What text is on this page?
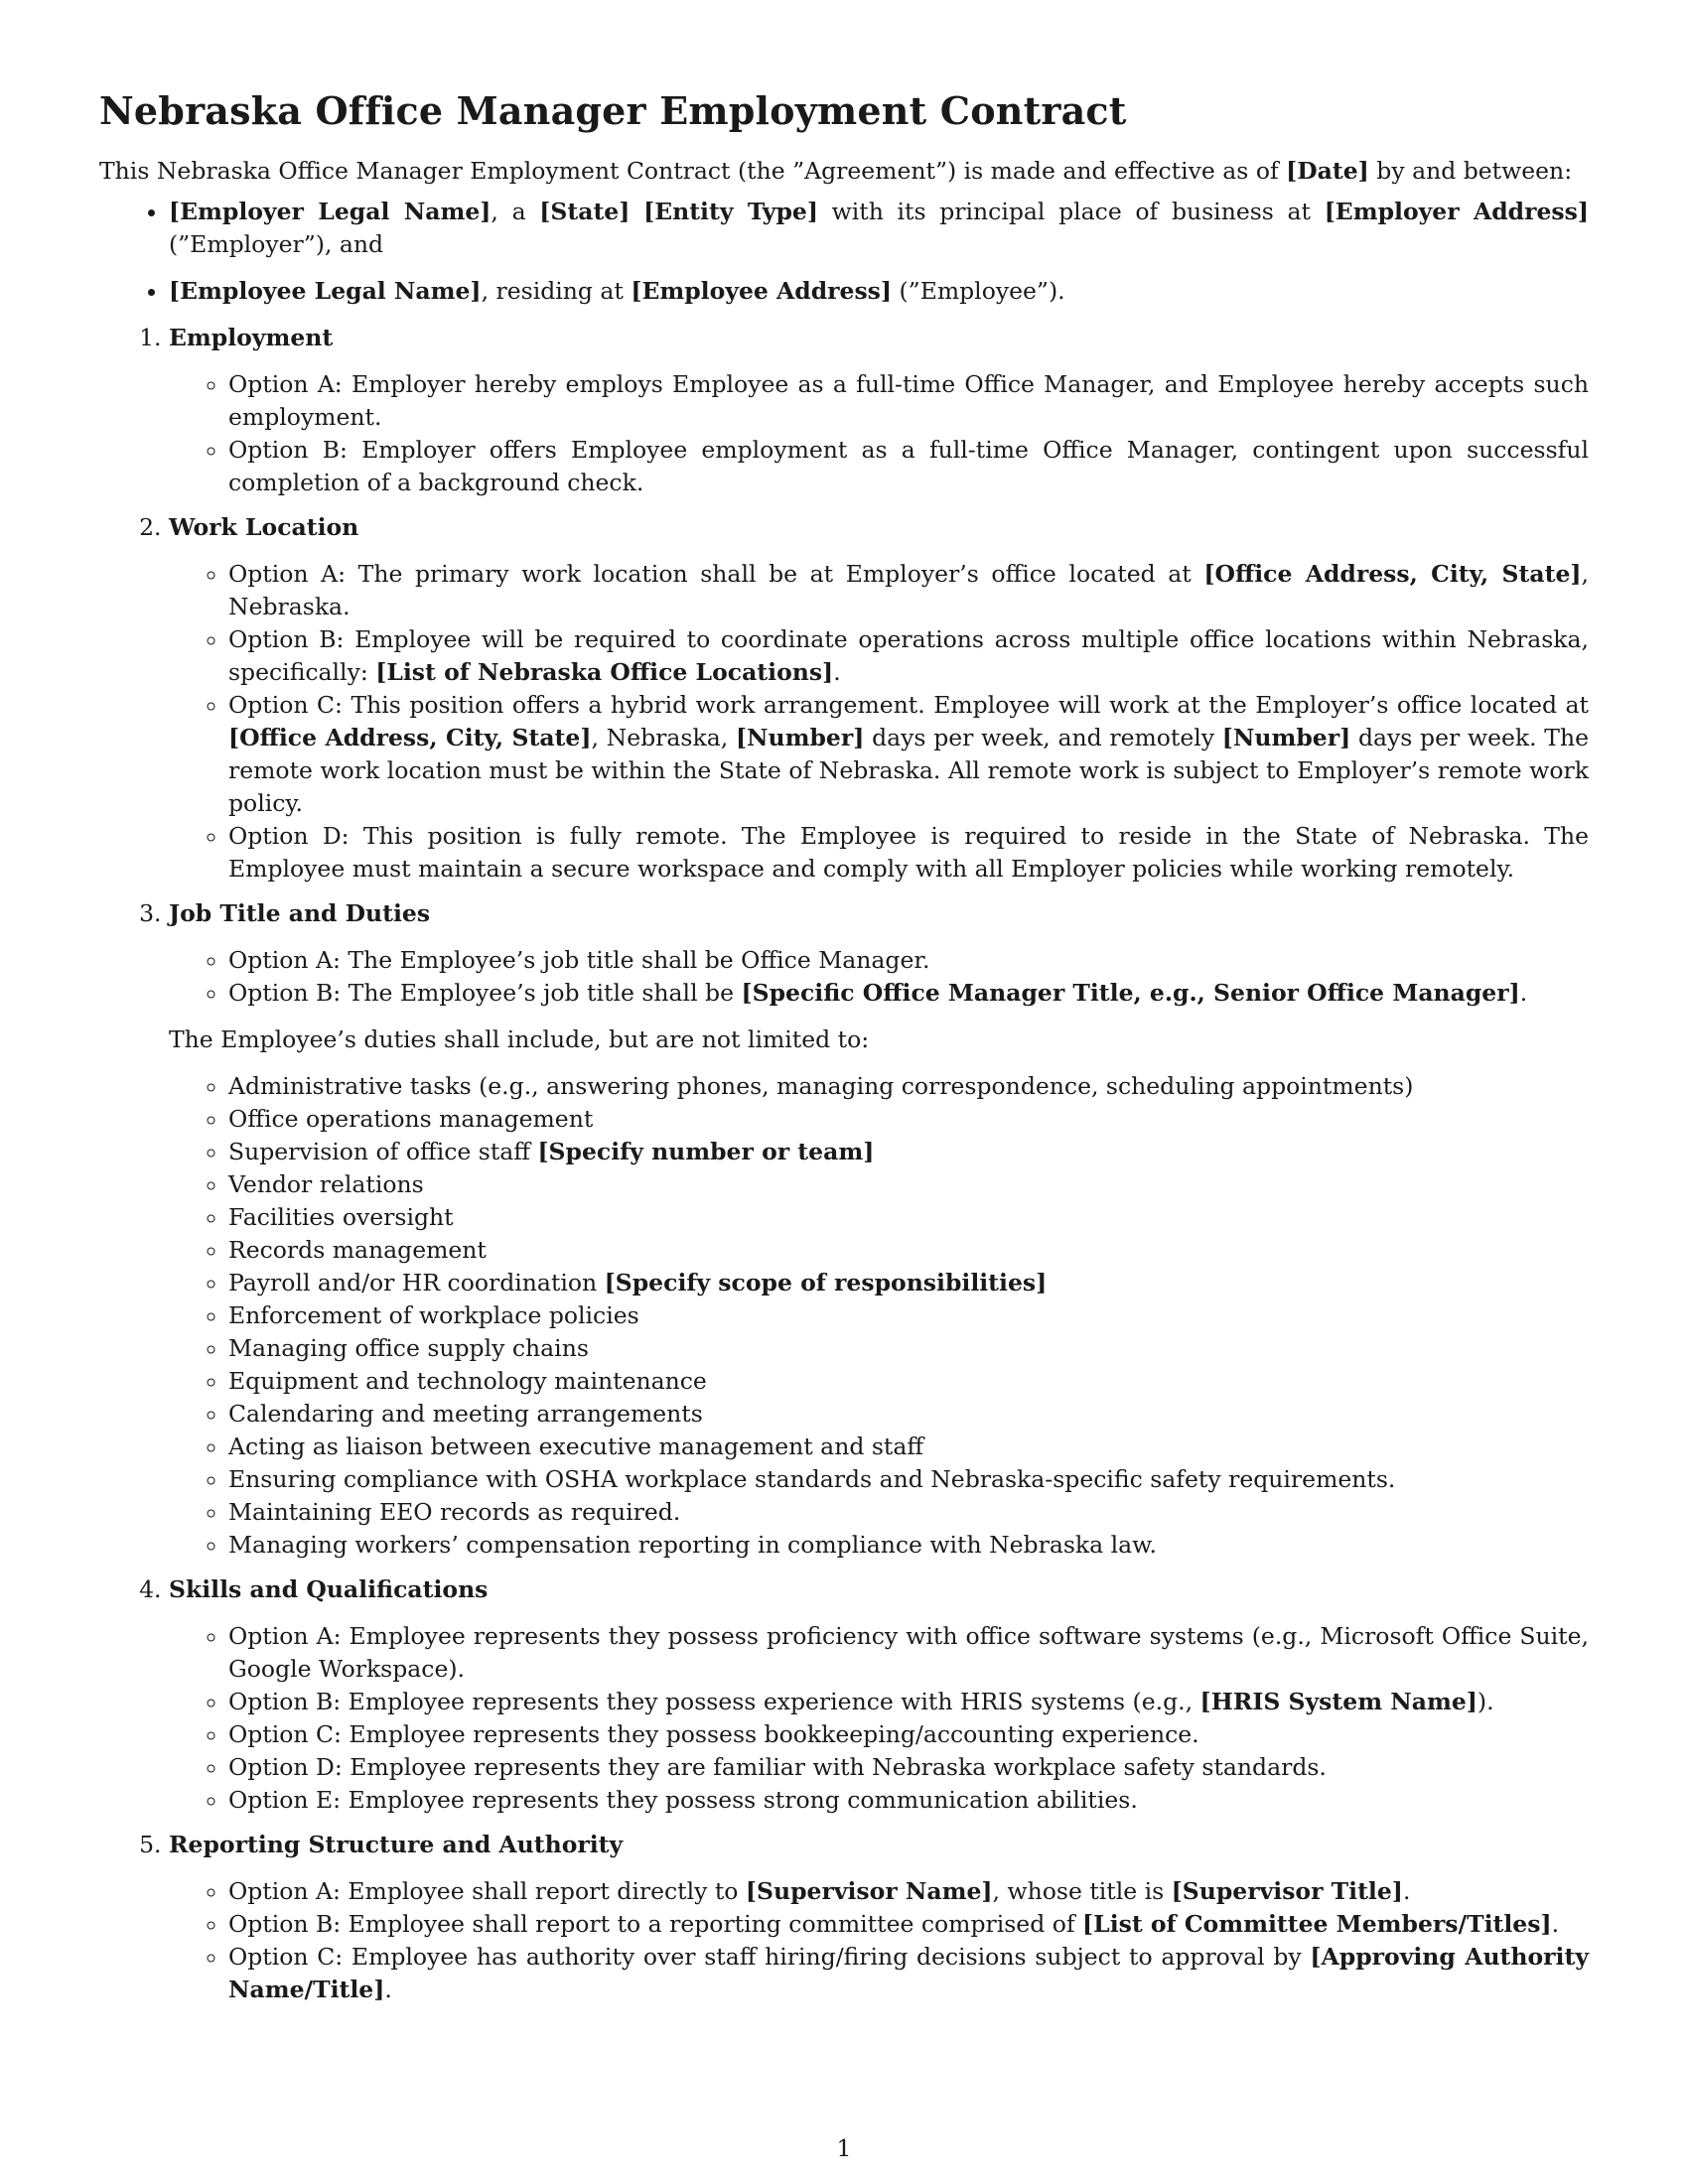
Nebraska Office Manager Employment Contract

This Nebraska Office Manager Employment Contract (the ”Agreement”) is made and effective as of [Date] by and between:

• [Employer Legal Name], a [State] [Entity Type] with its principal place of business at [Employer Address] (”Employer”), and
• [Employee Legal Name], residing at [Employee Address] (”Employee”).
1. Employment
◦ Option A: Employer hereby employs Employee as a full-time Office Manager, and Employee hereby accepts such employment.
◦ Option B: Employer offers Employee employment as a full-time Office Manager, contingent upon successful completion of a background check.
2. Work Location
◦ Option A: The primary work location shall be at Employer’s office located at [Office Address, City, State], Nebraska.
◦ Option B: Employee will be required to coordinate operations across multiple office locations within Nebraska, specifically: [List of Nebraska Office Locations].
◦ Option C: This position offers a hybrid work arrangement. Employee will work at the Employer’s office located at [Office Address, City, State], Nebraska, [Number] days per week, and remotely [Number] days per week. The remote work location must be within the State of Nebraska. All remote work is subject to Employer’s remote work policy.
◦ Option D: This position is fully remote. The Employee is required to reside in the State of Nebraska. The Employee must maintain a secure workspace and comply with all Employer policies while working remotely.
3. Job Title and Duties
◦ Option A: The Employee’s job title shall be Office Manager.
◦ Option B: The Employee’s job title shall be [Specific Office Manager Title, e.g., Senior Office Manager].
The Employee’s duties shall include, but are not limited to:
◦ Administrative tasks (e.g., answering phones, managing correspondence, scheduling appointments)
◦ Office operations management
◦ Supervision of office staff [Specify number or team]
◦ Vendor relations
◦ Facilities oversight
◦ Records management
◦ Payroll and/or HR coordination [Specify scope of responsibilities]
◦ Enforcement of workplace policies
◦ Managing office supply chains
◦ Equipment and technology maintenance
◦ Calendaring and meeting arrangements
◦ Acting as liaison between executive management and staff
◦ Ensuring compliance with OSHA workplace standards and Nebraska-specific safety requirements.
◦ Maintaining EEO records as required.
◦ Managing workers’ compensation reporting in compliance with Nebraska law.
4. Skills and Qualifications
◦ Option A: Employee represents they possess proficiency with office software systems (e.g., Microsoft Office Suite, Google Workspace).
◦ Option B: Employee represents they possess experience with HRIS systems (e.g., [HRIS System Name]).
◦ Option C: Employee represents they possess bookkeeping/accounting experience.
◦ Option D: Employee represents they are familiar with Nebraska workplace safety standards.
◦ Option E: Employee represents they possess strong communication abilities.
5. Reporting Structure and Authority
◦ Option A: Employee shall report directly to [Supervisor Name], whose title is [Supervisor Title].
◦ Option B: Employee shall report to a reporting committee comprised of [List of Committee Members/Titles].
◦ Option C: Employee has authority over staff hiring/firing decisions subject to approval by [Approving Authority Name/Title].
1
